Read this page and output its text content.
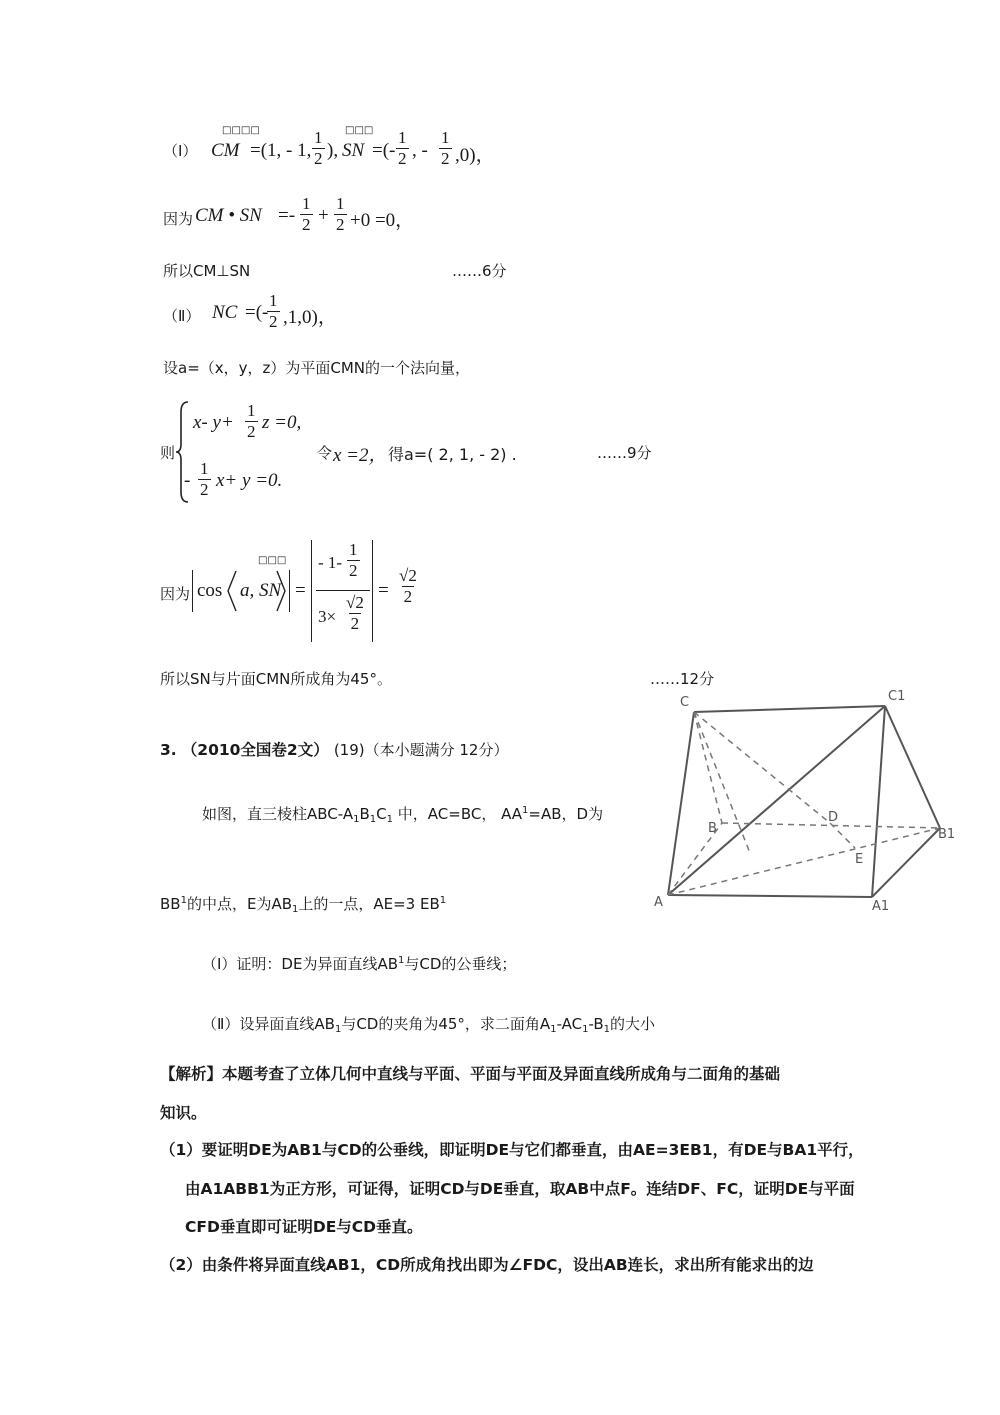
（Ⅰ）
□□□□
CM =(1, - 1, $\frac{1}{2}$ ),
□□□
SN =(- $\frac{1}{2}$ , - $\frac{1}{2} ,0$)，
因为 CM • SN =- $\frac{1}{2} + \frac{1}{2} +0 =0$，
所以CM⊥SN	……6分
（Ⅱ） NC =(-
$\frac{1}{2} ,1,0$)，
设a=（x，y，z）为平面CMN的一个法向量，
则
x- $y+ \frac{1}{2}$ z =0,
- $\frac{1}{2} x+ y =0$.
令 x =2， 得a=( 2, 1, - 2) .	……9分
因为 cos
□□□
a, SN =
- $1- \frac{1}{2}$
$3\times \frac{√2}{2}$
= $\frac{√2}{2}$
所以SN与片面CMN所成角为45°。	……12分
3. （2010全国卷2文） (19)（本小题满分 12分）
如图，直三棱柱ABC-$A_1B_1C_1$ 中，AC=BC， $AA^1=AB$，D为
$BB^1$的中点，E为$AB_1$上的一点，AE=3 $EB^1$
（Ⅰ）证明：DE为异面直线$AB^1$与CD的公垂线；
（Ⅱ）设异面直线$AB_1$与CD的夹角为45°，求二面角$A_1-AC_1-B_1$的大小
C
B
D
E
A	A1
B1
C1
【解析】本题考查了立体几何中直线与平面、平面与平面及异面直线所成角与二面角的基础
知识。
（1）要证明DE为AB1与CD的公垂线，即证明DE与它们都垂直，由AE=3EB1，有DE与BA1平行，
由A1ABB1为正方形，可证得，证明CD与DE垂直，取AB中点F。连结DF、FC，证明DE与平面
CFD垂直即可证明DE与CD垂直。
（2）由条件将异面直线AB1，CD所成角找出即为∠FDC，设出AB连长，求出所有能求出的边
